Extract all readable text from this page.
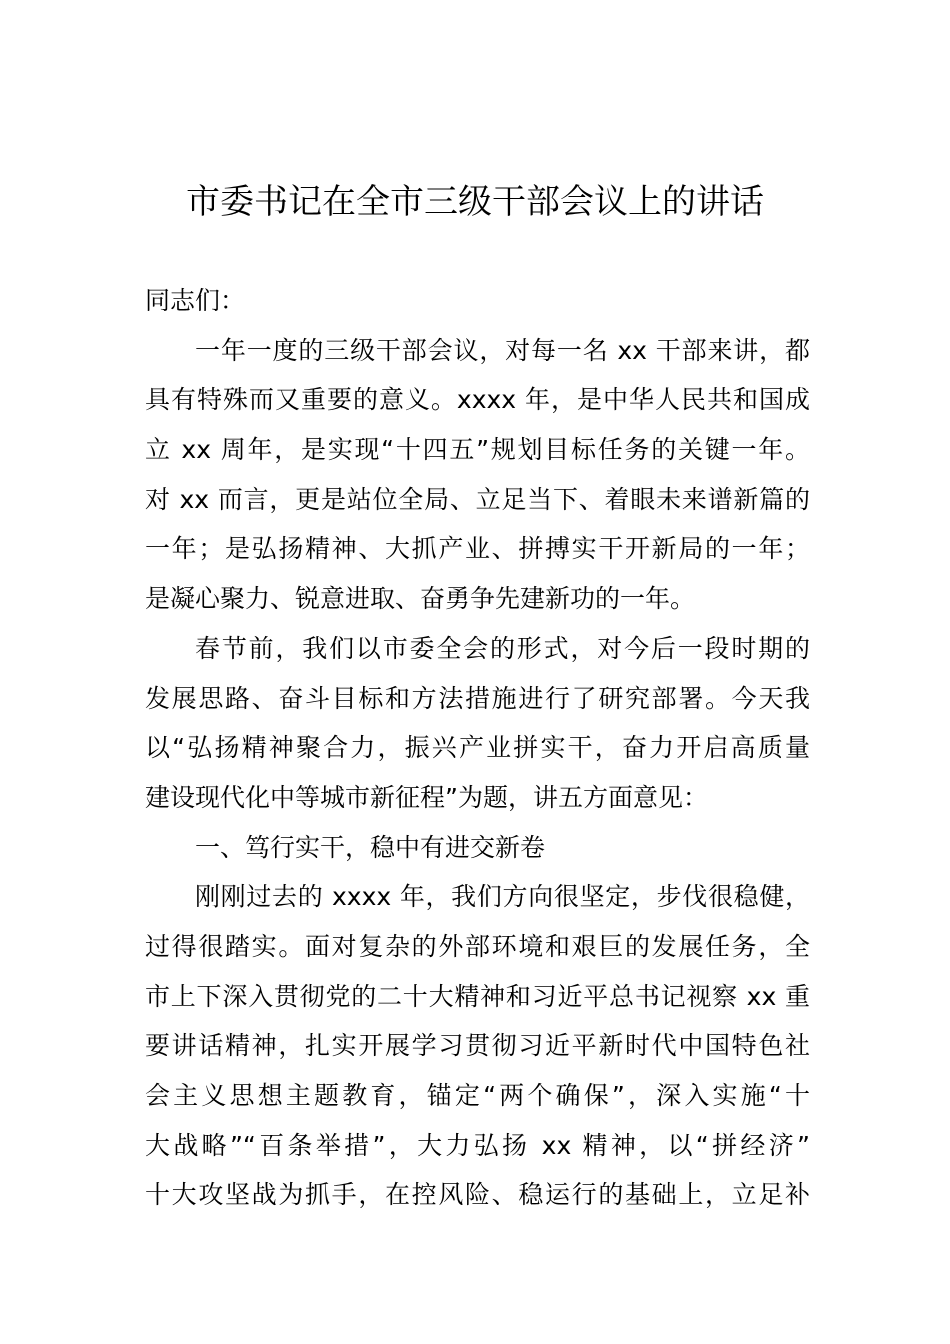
市委书记在全市三级干部会议上的讲话
同志们：
一年一度的三级干部会议，对每一名 xx 干部来讲，都
具有特殊而又重要的意义。xxxx 年，是中华人民共和国成
立 xx 周年，是实现“十四五”规划目标任务的关键一年。
对 xx 而言，更是站位全局、立足当下、着眼未来谱新篇的
一年；是弘扬精神、大抓产业、拼搏实干开新局的一年；
是凝心聚力、锐意进取、奋勇争先建新功的一年。
春节前，我们以市委全会的形式，对今后一段时期的
发展思路、奋斗目标和方法措施进行了研究部署。今天我
以“弘扬精神聚合力，振兴产业拼实干，奋力开启高质量
建设现代化中等城市新征程”为题，讲五方面意见：
一、笃行实干，稳中有进交新卷
刚刚过去的 xxxx 年，我们方向很坚定，步伐很稳健，
过得很踏实。面对复杂的外部环境和艰巨的发展任务，全
市上下深入贯彻党的二十大精神和习近平总书记视察 xx 重
要讲话精神，扎实开展学习贯彻习近平新时代中国特色社
会主义思想主题教育，锚定“两个确保”，深入实施“十
大战略”“百条举措”，大力弘扬 xx 精神，以“拼经济”
十大攻坚战为抓手，在控风险、稳运行的基础上，立足补
